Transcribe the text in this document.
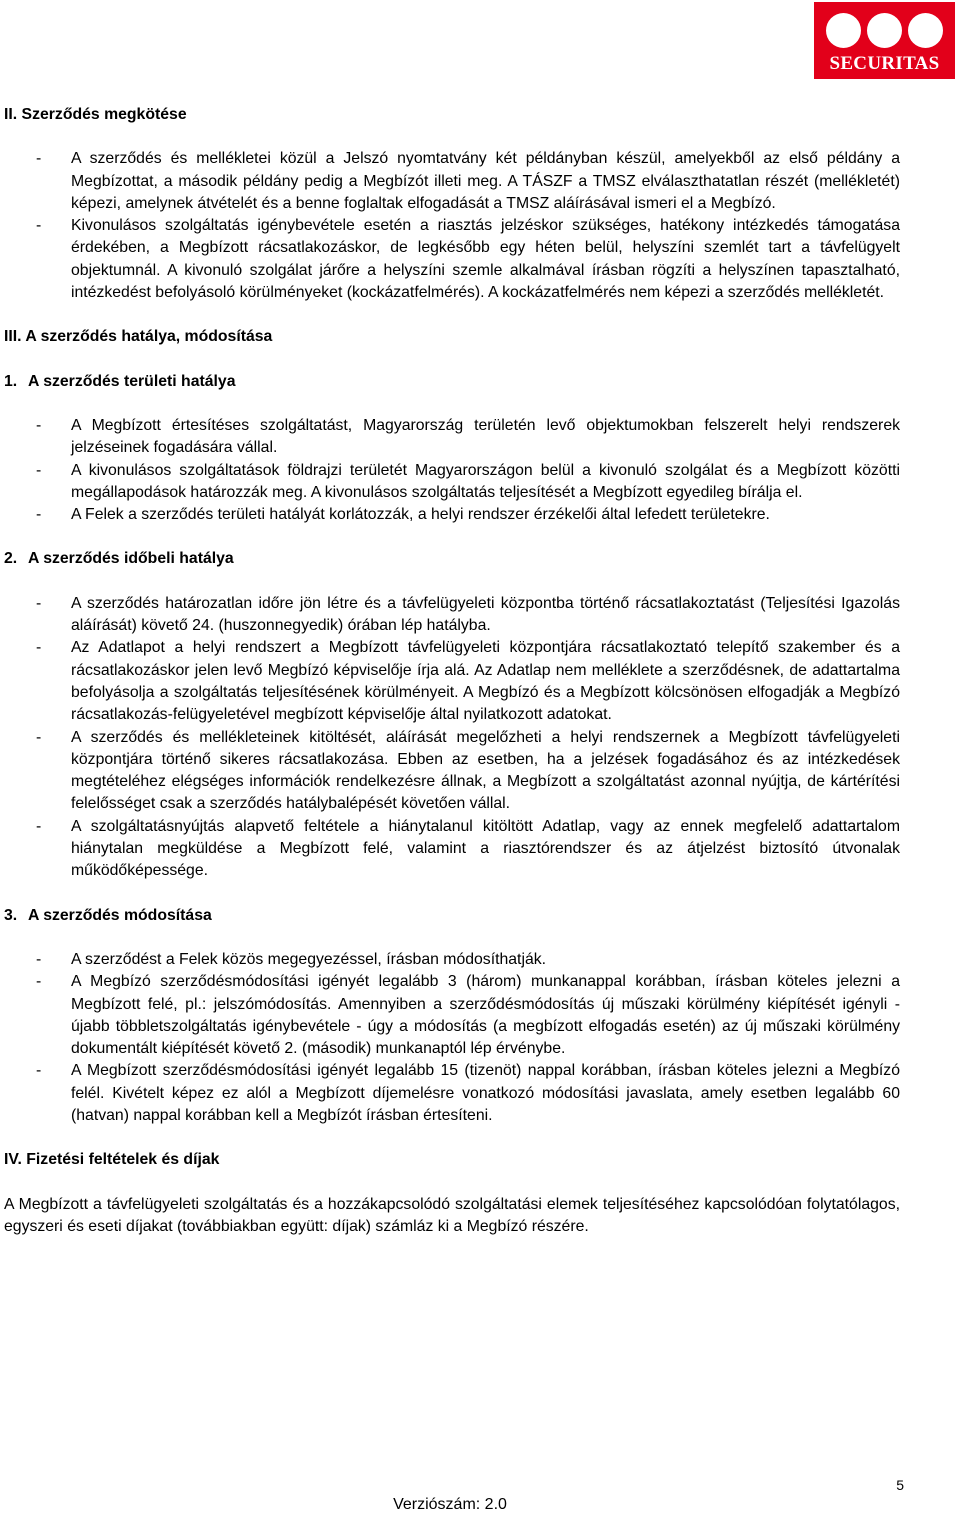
SECURITAS
II. Szerződés megkötése
- A szerződés és mellékletei közül a Jelszó nyomtatvány két példányban készül, amelyekből az első példány a Megbízottat, a második példány pedig a Megbízót illeti meg. A TÁSZF a TMSZ elválaszthatatlan részét (mellékletét) képezi, amelynek átvételét és a benne foglaltak elfogadását a TMSZ aláírásával ismeri el a Megbízó.
- Kivonulásos szolgáltatás igénybevétele esetén a riasztás jelzéskor szükséges, hatékony intézkedés támogatása érdekében, a Megbízott rácsatlakozáskor, de legkésőbb egy héten belül, helyszíni szemlét tart a távfelügyelt objektumnál. A kivonuló szolgálat járőre a helyszíni szemle alkalmával írásban rögzíti a helyszínen tapasztalható, intézkedést befolyásoló körülményeket (kockázatfelmérés). A kockázatfelmérés nem képezi a szerződés mellékletét.
III. A szerződés hatálya, módosítása
1. A szerződés területi hatálya
- A Megbízott értesítéses szolgáltatást, Magyarország területén levő objektumokban felszerelt helyi rendszerek jelzéseinek fogadására vállal.
- A kivonulásos szolgáltatások földrajzi területét Magyarországon belül a kivonuló szolgálat és a Megbízott közötti megállapodások határozzák meg. A kivonulásos szolgáltatás teljesítését a Megbízott egyedileg bírálja el.
- A Felek a szerződés területi hatályát korlátozzák, a helyi rendszer érzékelői által lefedett területekre.
2. A szerződés időbeli hatálya
- A szerződés határozatlan időre jön létre és a távfelügyeleti központba történő rácsatlakoztatást (Teljesítési Igazolás aláírását) követő 24. (huszonnegyedik) órában lép hatályba.
- Az Adatlapot a helyi rendszert a Megbízott távfelügyeleti központjára rácsatlakoztató telepítő szakember és a rácsatlakozáskor jelen levő Megbízó képviselője írja alá. Az Adatlap nem melléklete a szerződésnek, de adattartalma befolyásolja a szolgáltatás teljesítésének körülményeit. A Megbízó és a Megbízott kölcsönösen elfogadják a Megbízó rácsatlakozás-felügyeletével megbízott képviselője által nyilatkozott adatokat.
- A szerződés és mellékleteinek kitöltését, aláírását megelőzheti a helyi rendszernek a Megbízott távfelügyeleti központjára történő sikeres rácsatlakozása. Ebben az esetben, ha a jelzések fogadásához és az intézkedések megtételéhez elégséges információk rendelkezésre állnak, a Megbízott a szolgáltatást azonnal nyújtja, de kártérítési felelősséget csak a szerződés hatálybalépését követően vállal.
- A szolgáltatásnyújtás alapvető feltétele a hiánytalanul kitöltött Adatlap, vagy az ennek megfelelő adattartalom hiánytalan megküldése a Megbízott felé, valamint a riasztórendszer és az átjelzést biztosító útvonalak működőképessége.
3. A szerződés módosítása
- A szerződést a Felek közös megegyezéssel, írásban módosíthatják.
- A Megbízó szerződésmódosítási igényét legalább 3 (három) munkanappal korábban, írásban köteles jelezni a Megbízott felé, pl.: jelszómódosítás. Amennyiben a szerződésmódosítás új műszaki körülmény kiépítését igényli - újabb többletszolgáltatás igénybevétele - úgy a módosítás (a megbízott elfogadás esetén) az új műszaki körülmény dokumentált kiépítését követő 2. (második) munkanaptól lép érvénybe.
- A Megbízott szerződésmódosítási igényét legalább 15 (tizenöt) nappal korábban, írásban köteles jelezni a Megbízó felél. Kivételt képez ez alól a Megbízott díjemelésre vonatkozó módosítási javaslata, amely esetben legalább 60 (hatvan) nappal korábban kell a Megbízót írásban értesíteni.
IV. Fizetési feltételek és díjak

A Megbízott a távfelügyeleti szolgáltatás és a hozzákapcsolódó szolgáltatási elemek teljesítéséhez kapcsolódóan folytatólagos, egyszeri és eseti díjakat (továbbiakban együtt: díjak) számláz ki a Megbízó részére.

5
Verziószám: 2.0
